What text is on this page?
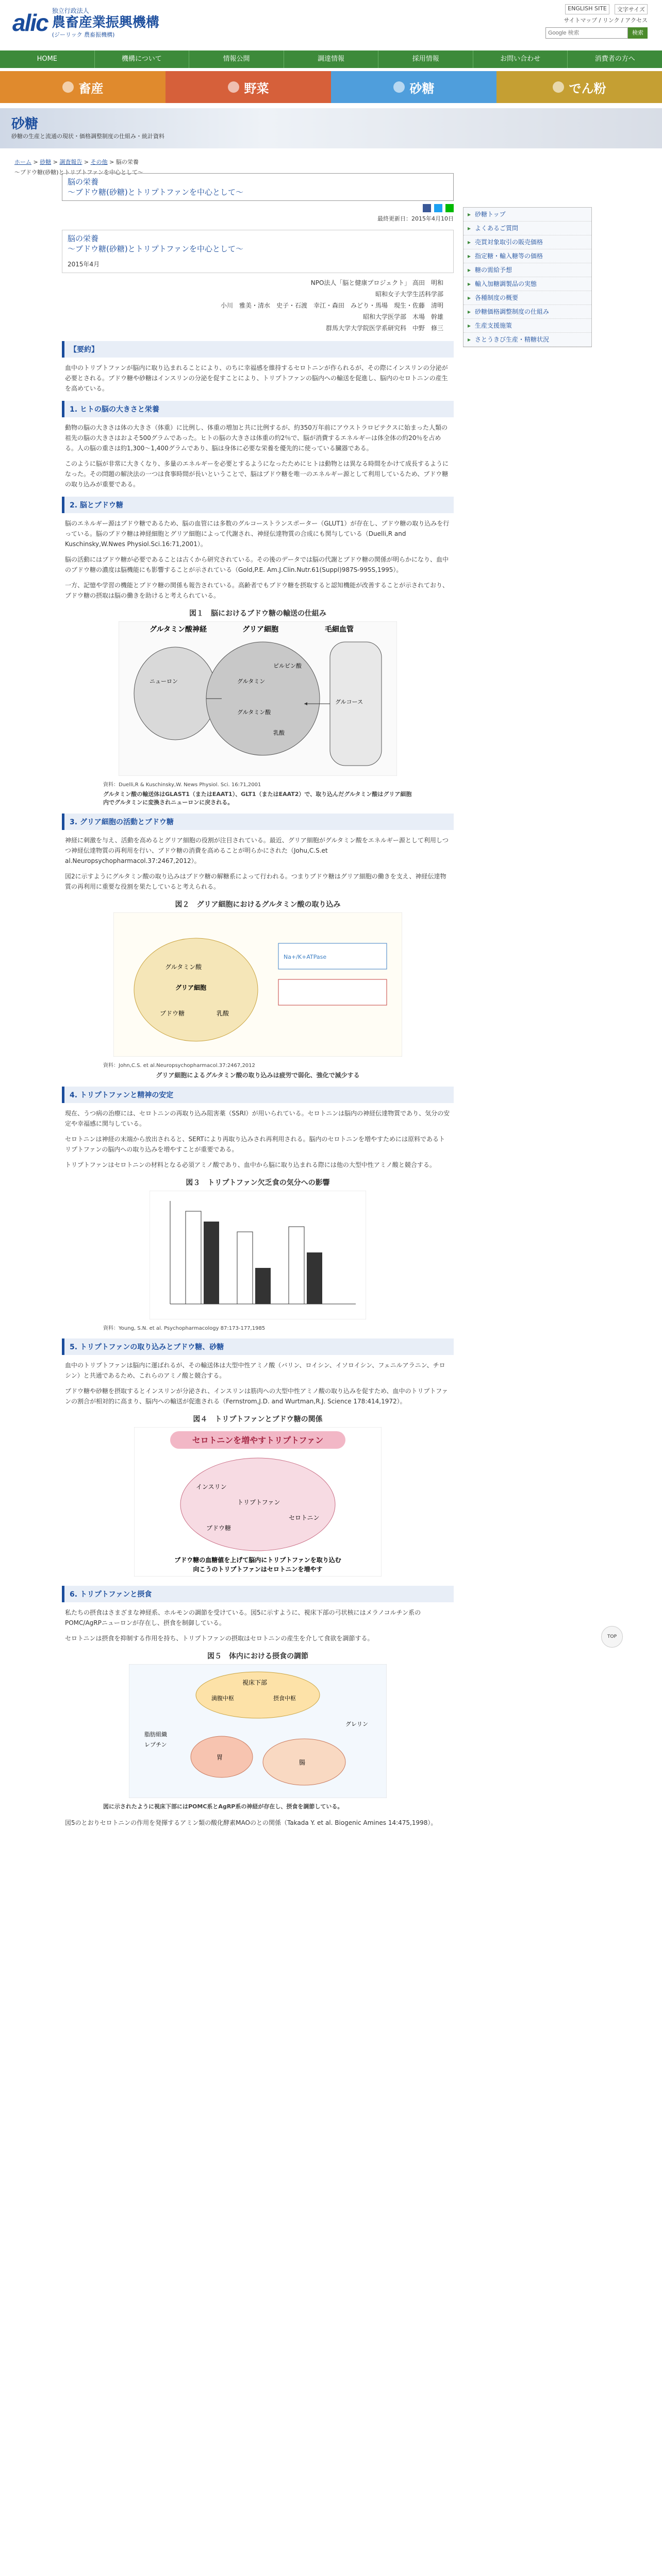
alic 独立行政法人
農畜産業振興機構
(ジーリック 農畜振機構)
ENGLISH SITE	文字サイズ
サイトマップ / リンク / アクセス
Google 検索
検索
HOME	機構について	情報公開	調達情報	採用情報	お問い合わせ	消費者の方へ
畜産	野菜	砂糖	でん粉
砂糖
砂糖の生産と流通の現状・価格調整制度の仕組み・統計資料
ホーム > 砂糖 > 調査報告 > その他 > 脳の栄養
～ブドウ糖(砂糖)とトリプトファンを中心として～
脳の栄養
～ブドウ糖(砂糖)とトリプトファンを中心として～
最終更新日：2015年4月10日
脳の栄養
～ブドウ糖(砂糖)とトリプトファンを中心として～
2015年4月
NPO法人「脳と健康プロジェクト」 高田　明和
昭和女子大学生活科学部
小川　雅美・清水　史子・石渡　幸江・森田　みどり・馬場　現生・佐藤　清明
昭和大学医学部　木場　幹雄
群馬大学大学院医学系研究科　中野　修三
【要約】
血中のトリプトファンが脳内に取り込まれることにより、のちに幸福感を維持するセロトニンが作られるが、その際にインスリンの分泌が必要とされる。ブドウ糖や砂糖はインスリンの分泌を促すことにより、トリプトファンの脳内への輸送を促進し、脳内のセロトニンの産生を高めている。
1. ヒトの脳の大きさと栄養
動物の脳の大きさは体の大きさ（体重）に比例し、体重の増加と共に比例するが、約350万年前にアウストラロピテクスに始まった人類の祖先の脳の大きさはおよそ500グラムであった。ヒトの脳の大きさは体重の約2％で、脳が消費するエネルギーは体全体の約20％を占める。人の脳の重さは約1,300～1,400グラムであり、脳は身体に必要な栄養を優先的に使っている臓器である。
このように脳が非常に大きくなり、多量のエネルギーを必要とするようになったためにヒトは動物とは異なる時間をかけて成長するようになった。その問題の解決法の一つは食事時間が長いということで、脳はブドウ糖を唯一のエネルギー源として利用しているため、ブドウ糖の取り込みが重要である。
2. 脳とブドウ糖
脳のエネルギー源はブドウ糖であるため、脳の血管には多数のグルコーストランスポーター（GLUT1）が存在し、ブドウ糖の取り込みを行っている。脳のブドウ糖は神経細胞とグリア細胞によって代謝され、神経伝達物質の合成にも関与している（Duelli,R and Kuschinsky,W.Nwes Physiol.Sci.16:71,2001）。
脳の活動にはブドウ糖が必要であることは古くから研究されている。その後のデータでは脳の代謝とブドウ糖の関係が明らかになり、血中のブドウ糖の濃度は脳機能にも影響することが示されている（Gold,P.E. Am.J.Clin.Nutr.61(Suppl)987S-995S,1995）。
一方、記憶や学習の機能とブドウ糖の関係も報告されている。高齢者でもブドウ糖を摂取すると認知機能が改善することが示されており、ブドウ糖の摂取は脳の働きを助けると考えられている。
図１　脳におけるブドウ糖の輸送の仕組み
グルタミン酸神経	グリア細胞	毛細血管
ニューロン
グルコース
グルタミン
グルタミン酸
乳酸
ピルビン酸
資料：Duelli,R & Kuschinsky,W. News Physiol. Sci. 16:71,2001
グルタミン酸の輸送体はGLAST1（またはEAAT1）、GLT1（またはEAAT2）で、取り込んだグルタミン酸はグリア細胞内でグルタミンに変換されニューロンに戻される。
3. グリア細胞の活動とブドウ糖
神経に刺激を与え、活動を高めるとグリア細胞の役割が注目されている。最近、グリア細胞がグルタミン酸をエネルギー源として利用しつつ神経伝達物質の再利用を行い、ブドウ糖の消費を高めることが明らかにされた（Johu,C.S.et al.Neuropsychopharmacol.37:2467,2012）。
図2に示すようにグルタミン酸の取り込みはブドウ糖の解糖系によって行われる。つまりブドウ糖はグリア細胞の働きを支え、神経伝達物質の再利用に重要な役割を果たしていると考えられる。
図２　グリア細胞におけるグルタミン酸の取り込み
グルタミン酸
グリア細胞
ブドウ糖	乳酸
Na+/K+ATPase
資料：John,C.S. et al.Neuropsychopharmacol.37:2467,2012
グリア細胞によるグルタミン酸の取り込みは疲労で弱化、強化で減少する
4. トリプトファンと精神の安定
現在、うつ病の治療には、セロトニンの再取り込み阻害薬（SSRI）が用いられている。セロトニンは脳内の神経伝達物質であり、気分の安定や幸福感に関与している。
セロトニンは神経の末端から放出されると、SERTにより再取り込みされ再利用される。脳内のセロトニンを増やすためには原料であるトリプトファンの脳内への取り込みを増やすことが重要である。
トリプトファンはセロトニンの材料となる必須アミノ酸であり、血中から脳に取り込まれる際には他の大型中性アミノ酸と競合する。
図３　トリプトファン欠乏食の気分への影響
資料：Young, S.N. et al. Psychopharmacology 87:173-177,1985
5. トリプトファンの取り込みとブドウ糖、砂糖
血中のトリプトファンは脳内に運ばれるが、その輸送体は大型中性アミノ酸（バリン、ロイシン、イソロイシン、フェニルアラニン、チロシン）と共通であるため、これらのアミノ酸と競合する。
ブドウ糖や砂糖を摂取するとインスリンが分泌され、インスリンは筋肉への大型中性アミノ酸の取り込みを促すため、血中のトリプトファンの割合が相対的に高まり、脳内への輸送が促進される（Fernstrom,J.D. and Wurtman,R.J. Science 178:414,1972）。
図４　トリプトファンとブドウ糖の関係
セロトニンを増やすトリプトファン
インスリン
トリプトファン
セロトニン
ブドウ糖
ブドウ糖の血糖値を上げて脳内にトリプトファンを取り込む
向こうのトリプトファンはセロトニンを増やす
6. トリプトファンと摂食
私たちの摂食はさまざまな神経系、ホルモンの調節を受けている。図5に示すように、視床下部の弓状核にはメラノコルチン系のPOMC/AgRPニューロンが存在し、摂食を制御している。
セロトニンは摂食を抑制する作用を持ち、トリプトファンの摂取はセロトニンの産生を介して食欲を調節する。
図５　体内における摂食の調節
視床下部
満腹中枢	摂食中枢
胃
腸
脂肪組織
レプチン
グレリン
図に示されたように視床下部にはPOMC系とAgRP系の神経が存在し、摂食を調節している。
図5のとおりセロトニンの作用を発揮するアミン類の酸化酵素MAOのとの関係（Takada Y. et al. Biogenic Amines 14:475,1998）。
▸ 砂糖トップ
▸ よくあるご質問
▸ 売買対象取引の販売価格
▸ 指定糖・輸入糖等の価格
▸ 糖の需給予想
▸ 輸入加糖調製品の実態
▸ 各種制度の概要
▸ 砂糖価格調整制度の仕組み
▸ 生産支援施策
▸ さとうきび生産・精糖状況
TOP
